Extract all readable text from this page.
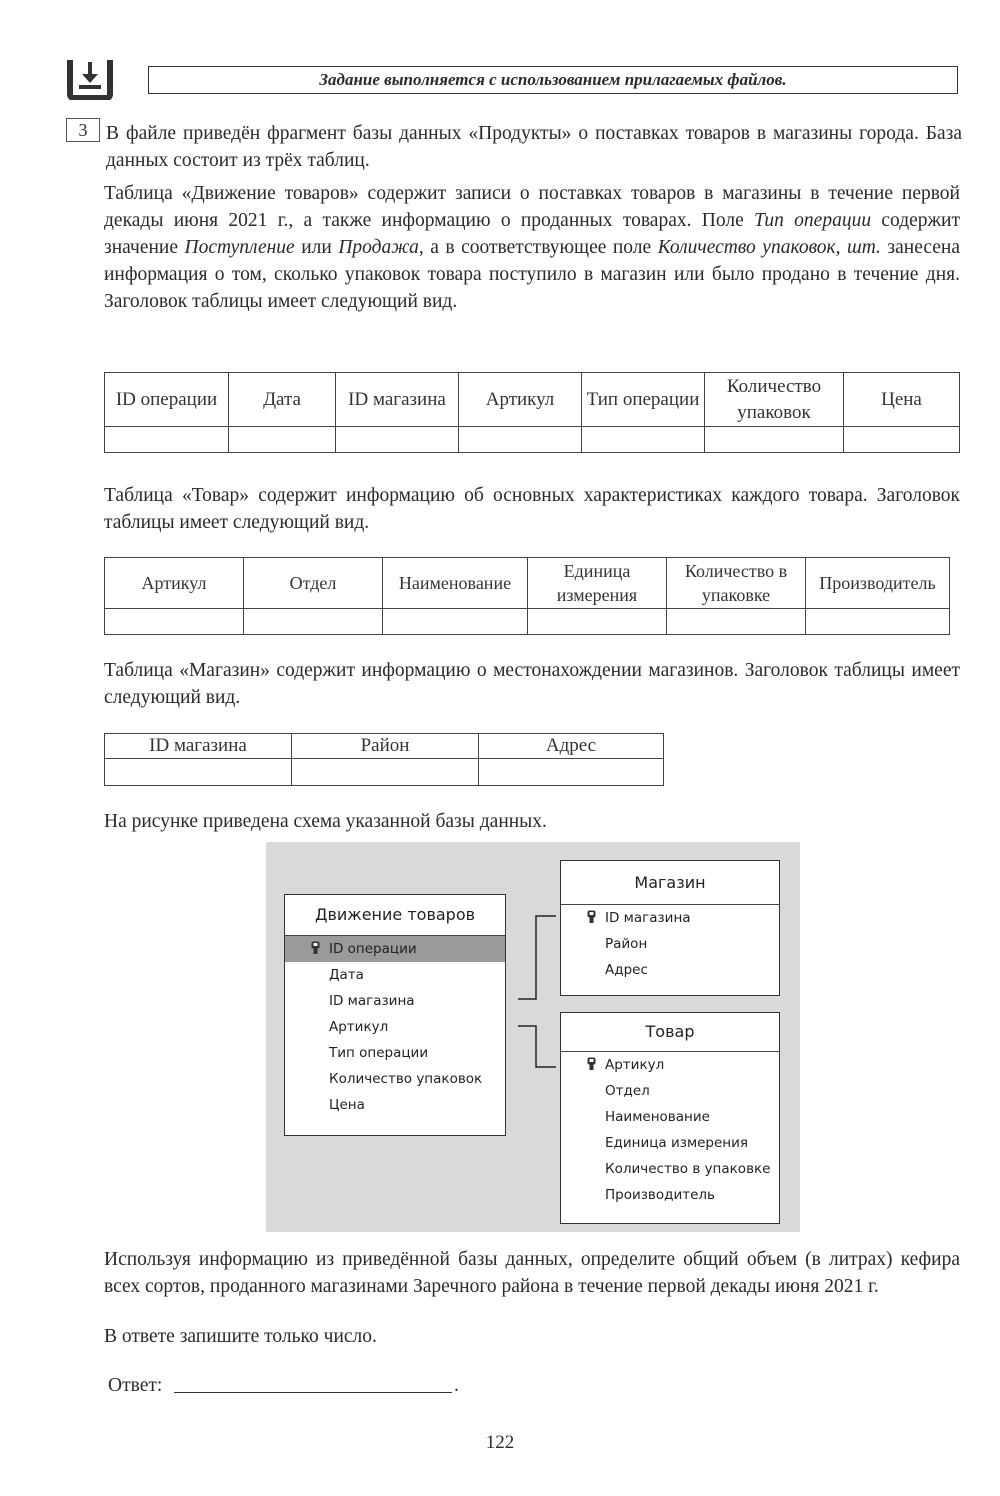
Задание выполняется с использованием прилагаемых файлов.
3 В файле приведён фрагмент базы данных «Продукты» о поставках товаров в магазины города. База данных состоит из трёх таблиц.
Таблица «Движение товаров» содержит записи о поставках товаров в магазины в течение первой декады июня 2021 г., а также информацию о проданных товарах. Поле Тип операции содержит значение Поступление или Продажа, а в соответствующее поле Количество упаковок, шт. занесена информация о том, сколько упаковок товара поступило в магазин или было продано в течение дня. Заголовок таблицы имеет следующий вид.
ID операции	Дата	ID магазина	Артикул	Тип операции	Количество упаковок	Цена

Таблица «Товар» содержит информацию об основных характеристиках каждого товара. Заголовок таблицы имеет следующий вид.
Артикул	Отдел	Наименование	Единица измерения	Количество в упаковке	Производитель

Таблица «Магазин» содержит информацию о местонахождении магазинов. Заголовок таблицы имеет следующий вид.
ID магазина	Район	Адрес

На рисунке приведена схема указанной базы данных.
Движение товаров
ID операции
Дата
ID магазина
Артикул
Тип операции
Количество упаковок
Цена
Магазин
ID магазина
Район
Адрес
Товар
Артикул
Отдел
Наименование
Единица измерения
Количество в упаковке
Производитель
Используя информацию из приведённой базы данных, определите общий объем (в литрах) кефира всех сортов, проданного магазинами Заречного района в течение первой декады июня 2021 г.
В ответе запишите только число.
Ответ:	.
122
